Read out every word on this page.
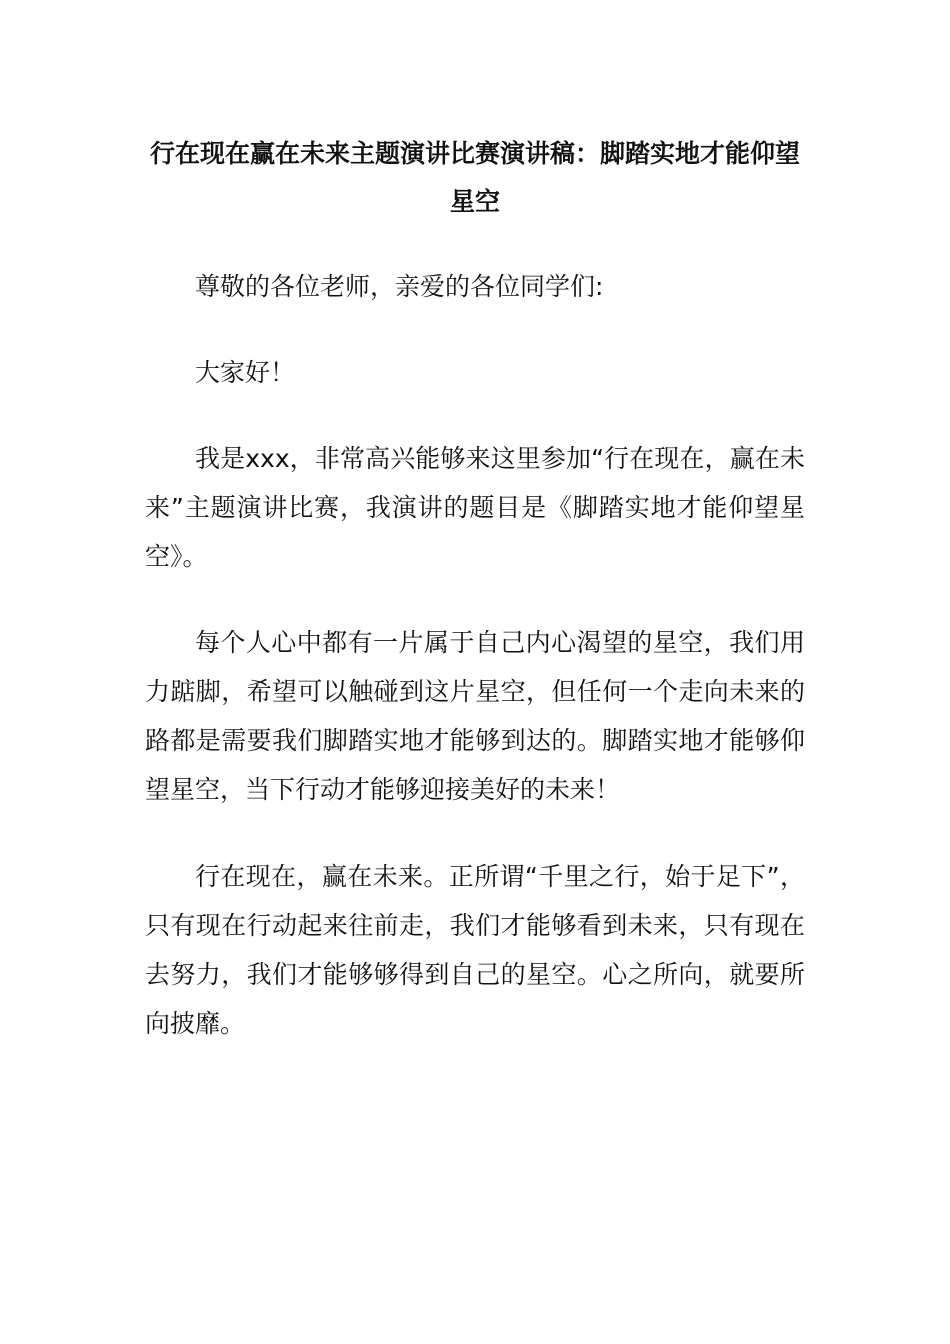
行在现在赢在未来主题演讲比赛演讲稿：脚踏实地才能仰望星空

尊敬的各位老师，亲爱的各位同学们:

大家好！

我是xxx，非常高兴能够来这里参加“行在现在，赢在未来”主题演讲比赛，我演讲的题目是《脚踏实地才能仰望星空》。

每个人心中都有一片属于自己内心渴望的星空，我们用力踮脚，希望可以触碰到这片星空，但任何一个走向未来的路都是需要我们脚踏实地才能够到达的。脚踏实地才能够仰望星空，当下行动才能够迎接美好的未来！

行在现在，赢在未来。正所谓“千里之行，始于足下”，只有现在行动起来往前走，我们才能够看到未来，只有现在去努力，我们才能够够得到自己的星空。心之所向，就要所向披靡。
